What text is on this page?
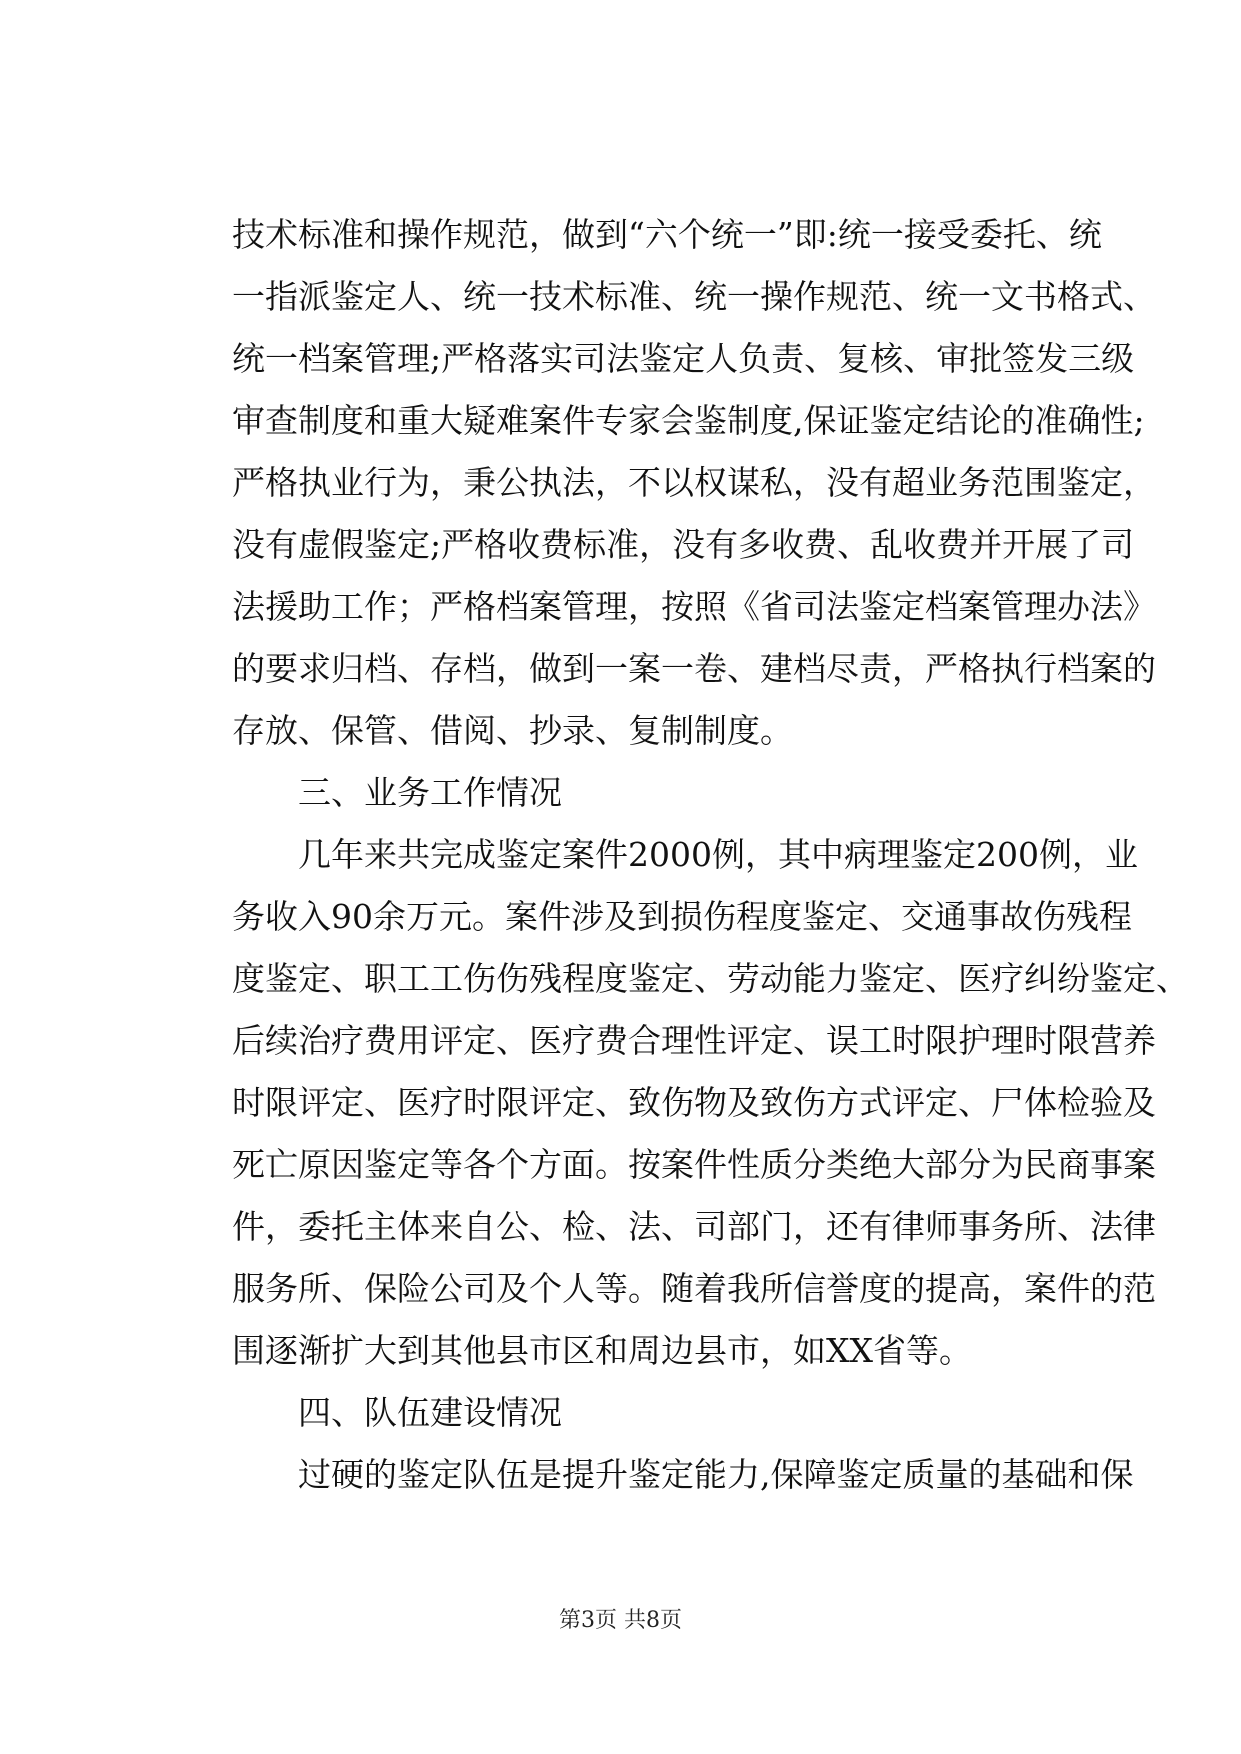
技术标准和操作规范，做到“六个统一”即:统一接受委托、统
一指派鉴定人、统一技术标准、统一操作规范、统一文书格式、
统一档案管理;严格落实司法鉴定人负责、复核、审批签发三级
审查制度和重大疑难案件专家会鉴制度,保证鉴定结论的准确性;
严格执业行为，秉公执法，不以权谋私，没有超业务范围鉴定，
没有虚假鉴定;严格收费标准，没有多收费、乱收费并开展了司
法援助工作；严格档案管理，按照《省司法鉴定档案管理办法》
的要求归档、存档，做到一案一卷、建档尽责，严格执行档案的
存放、保管、借阅、抄录、复制制度。
　　三、业务工作情况
　　几年来共完成鉴定案件2000例，其中病理鉴定200例，业
务收入90余万元。案件涉及到损伤程度鉴定、交通事故伤残程
度鉴定、职工工伤伤残程度鉴定、劳动能力鉴定、医疗纠纷鉴定、
后续治疗费用评定、医疗费合理性评定、误工时限护理时限营养
时限评定、医疗时限评定、致伤物及致伤方式评定、尸体检验及
死亡原因鉴定等各个方面。按案件性质分类绝大部分为民商事案
件，委托主体来自公、检、法、司部门，还有律师事务所、法律
服务所、保险公司及个人等。随着我所信誉度的提高，案件的范
围逐渐扩大到其他县市区和周边县市，如XX省等。
　　四、队伍建设情况
　　过硬的鉴定队伍是提升鉴定能力,保障鉴定质量的基础和保
第3页 共8页
